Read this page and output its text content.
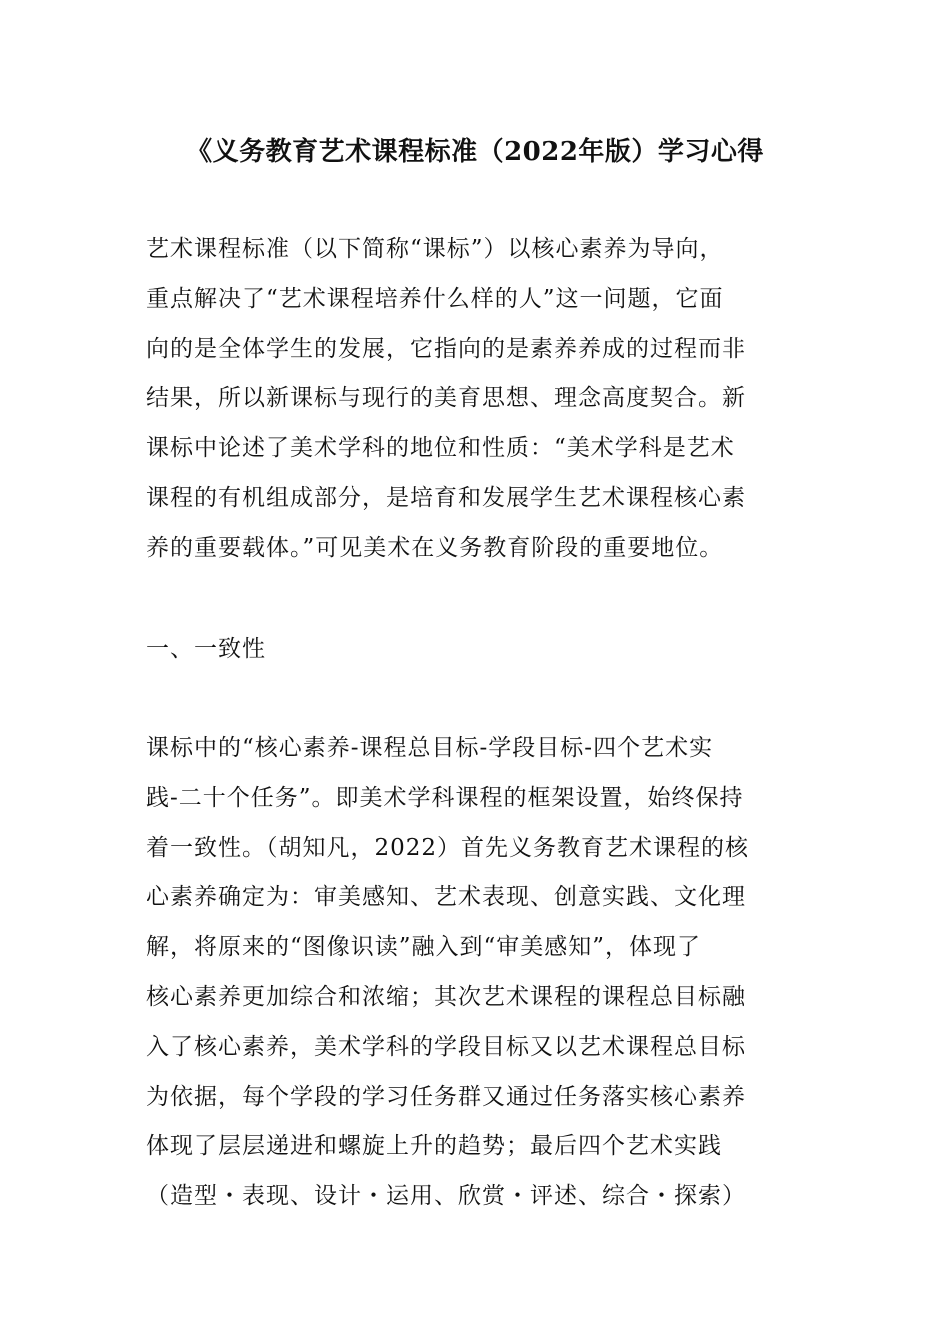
《义务教育艺术课程标准（2022年版）学习心得
艺术课程标准（以下简称“课标”）以核心素养为导向，
重点解决了“艺术课程培养什么样的人”这一问题，它面
向的是全体学生的发展，它指向的是素养养成的过程而非
结果，所以新课标与现行的美育思想、理念高度契合。新
课标中论述了美术学科的地位和性质：“美术学科是艺术
课程的有机组成部分，是培育和发展学生艺术课程核心素
养的重要载体。”可见美术在义务教育阶段的重要地位。
一、一致性
课标中的“核心素养-课程总目标-学段目标-四个艺术实
践-二十个任务”。即美术学科课程的框架设置，始终保持
着一致性。（胡知凡，2022）首先义务教育艺术课程的核
心素养确定为：审美感知、艺术表现、创意实践、文化理
解，将原来的“图像识读”融入到“审美感知”，体现了
核心素养更加综合和浓缩；其次艺术课程的课程总目标融
入了核心素养，美术学科的学段目标又以艺术课程总目标
为依据，每个学段的学习任务群又通过任务落实核心素养
体现了层层递进和螺旋上升的趋势；最后四个艺术实践
（造型・表现、设计・运用、欣赏・评述、综合・探索）
